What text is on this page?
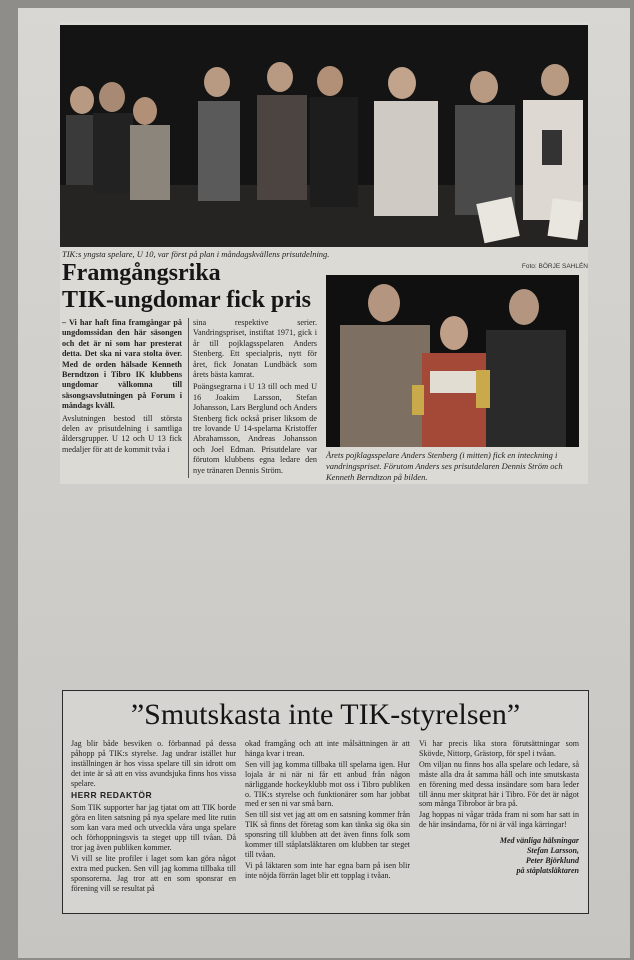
TIK:s yngsta spelare, U 10, var först på plan i måndagskvällens prisutdelning.
Foto: BÖRJE SAHLÉN
Framgångsrika
TIK-ungdomar fick pris

– Vi har haft fina framgångar på ungdomssidan den här säsongen och det är ni som har presterat detta. Det ska ni vara stolta över. Med de orden hälsade Kenneth Berndtzon i Tibro IK klubbens ungdomar välkomna till säsongsavslutningen på Forum i måndags kväll.

Avslutningen bestod till största delen av prisutdelning i samtliga åldersgrupper. U 12 och U 13 fick medaljer för att de kommit tvåa i

sina respektive serier. Vandringspriset, instiftat 1971, gick i år till pojklagsspelaren Anders Stenberg. Ett specialpris, nytt för året, fick Jonatan Lundbäck som årets bästa kamrat.

Poängsegrarna i U 13 till och med U 16 Joakim Larsson, Stefan Johansson, Lars Berglund och Anders Stenberg fick också priser liksom de tre lovande U 14-spelarna Kristoffer Abrahamsson, Andreas Johansson och Joel Edman. Prisutdelare var förutom klubbens egna ledare den nye tränaren Dennis Ström.

Årets pojklagsspelare Anders Stenberg (i mitten) fick en inteckning i vandringspriset. Förutom Anders ses prisutdelaren Dennis Ström och Kenneth Berndtzon på bilden.
”Smutskasta inte TIK-styrelsen”

Jag blir både besviken o. förbannad på dessa påhopp på TIK:s styrelse. Jag undrar istället hur inställningen är hos vissa spelare till sin idrott om det inte är så att en viss avundsjuka finns hos vissa spelare.

HERR REDAKTÖR

Som TIK supporter har jag tjatat om att TIK borde göra en liten satsning på nya spelare med lite rutin som kan vara med och utveckla våra unga spelare och förhoppningsvis ta steget upp till tvåan. Då tror jag även publiken kommer.

Vi vill se lite profiler i laget som kan göra något extra med pucken. Sen vill jag komma tillbaka till sponsorerna. Jag tror att en som sponsrar en förening vill se resultat på

okad framgång och att inte målsättningen är att hänga kvar i trean.

Sen vill jag komma tillbaka till spelarna igen. Hur lojala är ni när ni får ett anbud från någon närliggande hockeyklubb mot oss i Tibro publiken o. TIK:s styrelse och funktionärer som har jobbat med er sen ni var små barn.

Sen till sist vet jag att om en satsning kommer från TIK så finns det företag som kan tänka sig öka sin sponsring till klubben att det även finns folk som kommer till ståplatsläktaren om klubben tar steget till tvåan.

Vi på läktaren som inte har egna barn på isen blir inte nöjda förrän laget blir ett topplag i tvåan.

Vi har precis lika stora förutsättningar som Skövde, Nittorp, Grästorp, för spel i tvåan.

Om viljan nu finns hos alla spelare och ledare, så måste alla dra åt samma håll och inte smutskasta en förening med dessa insändare som bara leder till ännu mer skitprat här i Tibro. För det är något som många Tibrobor är bra på.

Jag hoppas ni vågar träda fram ni som har satt in de här insändarna, för ni är väl inga kärringar!

Med vänliga hälsningar
Stefan Larsson,
Peter Björklund
på ståplatsläktaren
